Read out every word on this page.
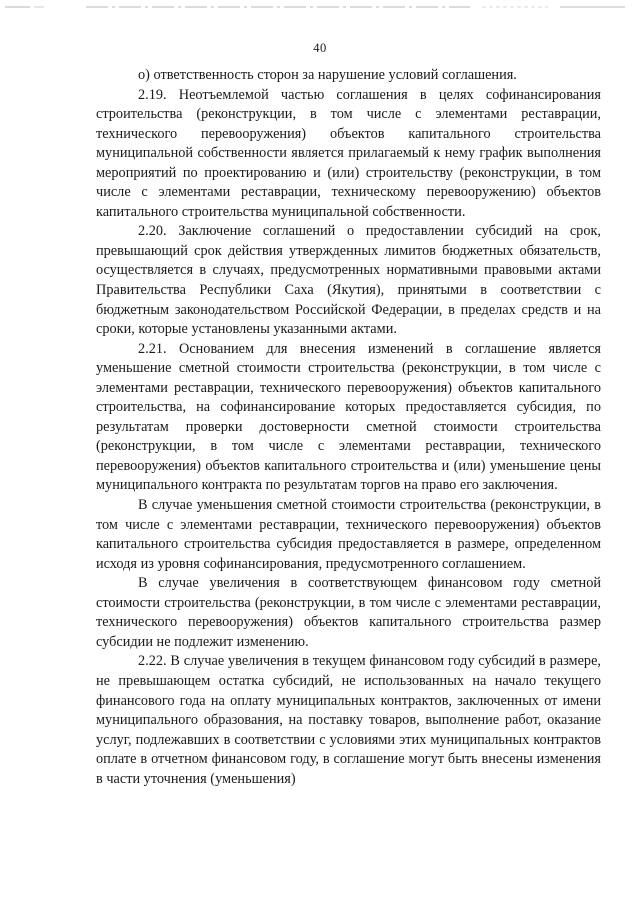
40

о) ответственность сторон за нарушение условий соглашения.

2.19. Неотъемлемой частью соглашения в целях софинансирования строительства (реконструкции, в том числе с элементами реставрации, технического перевооружения) объектов капитального строительства муниципальной собственности является прилагаемый к нему график выполнения мероприятий по проектированию и (или) строительству (реконструкции, в том числе с элементами реставрации, техническому перевооружению) объектов капитального строительства муниципальной собственности.

2.20. Заключение соглашений о предоставлении субсидий на срок, превышающий срок действия утвержденных лимитов бюджетных обязательств, осуществляется в случаях, предусмотренных нормативными правовыми актами Правительства Республики Саха (Якутия), принятыми в соответствии с бюджетным законодательством Российской Федерации, в пределах средств и на сроки, которые установлены указанными актами.

2.21. Основанием для внесения изменений в соглашение является уменьшение сметной стоимости строительства (реконструкции, в том числе с элементами реставрации, технического перевооружения) объектов капитального строительства, на софинансирование которых предоставляется субсидия, по результатам проверки достоверности сметной стоимости строительства (реконструкции, в том числе с элементами реставрации, технического перевооружения) объектов капитального строительства и (или) уменьшение цены муниципального контракта по результатам торгов на право его заключения.

В случае уменьшения сметной стоимости строительства (реконструкции, в том числе с элементами реставрации, технического перевооружения) объектов капитального строительства субсидия предоставляется в размере, определенном исходя из уровня софинансирования, предусмотренного соглашением.

В случае увеличения в соответствующем финансовом году сметной стоимости строительства (реконструкции, в том числе с элементами реставрации, технического перевооружения) объектов капитального строительства размер субсидии не подлежит изменению.

2.22. В случае увеличения в текущем финансовом году субсидий в размере, не превышающем остатка субсидий, не использованных на начало текущего финансового года на оплату муниципальных контрактов, заключенных от имени муниципального образования, на поставку товаров, выполнение работ, оказание услуг, подлежавших в соответствии с условиями этих муниципальных контрактов оплате в отчетном финансовом году, в соглашение могут быть внесены изменения в части уточнения (уменьшения)
